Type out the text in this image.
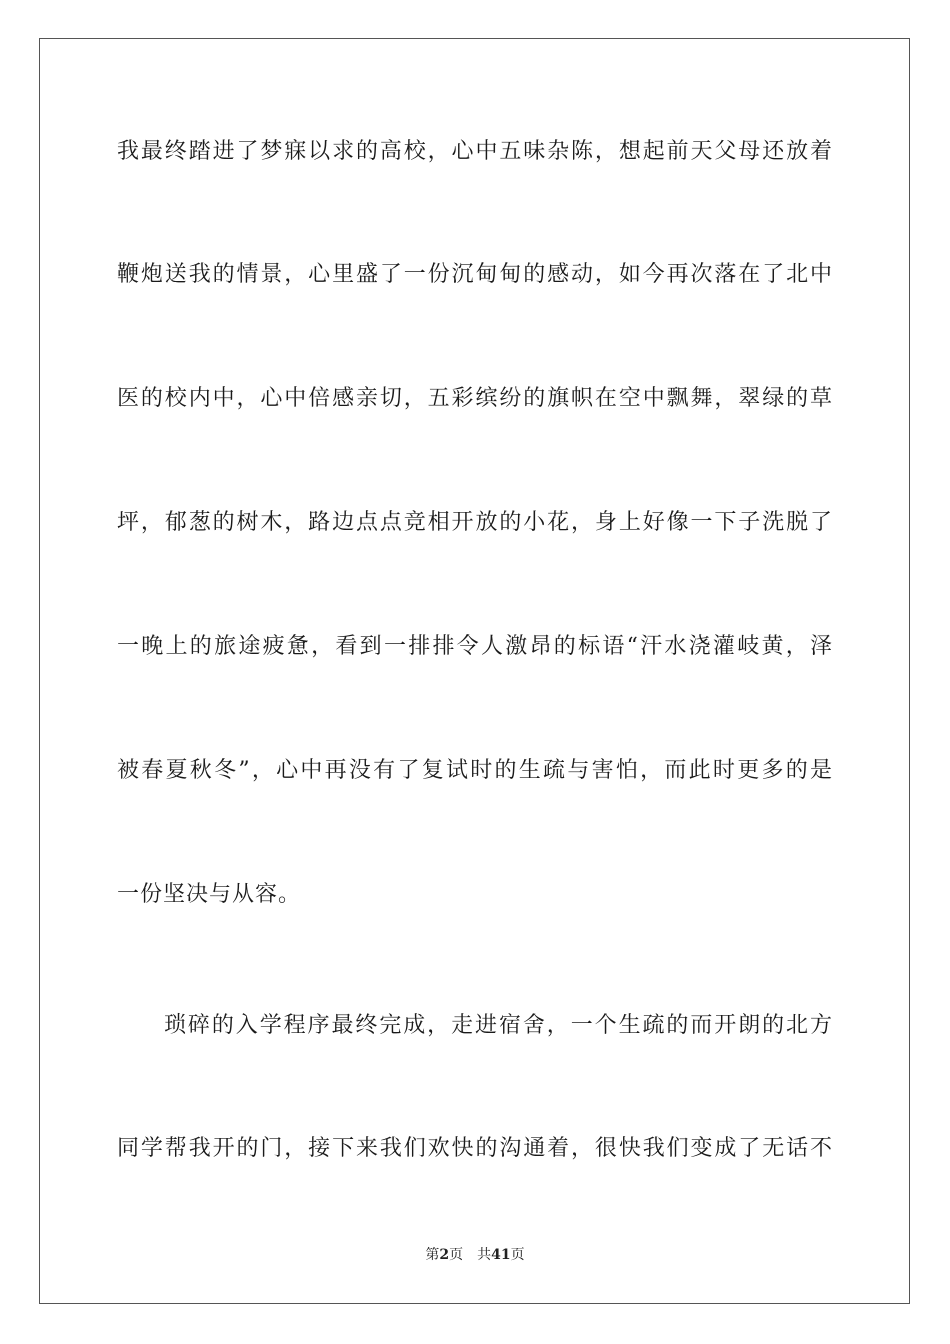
我最终踏进了梦寐以求的高校，心中五味杂陈，想起前天父母还放着
鞭炮送我的情景，心里盛了一份沉甸甸的感动，如今再次落在了北中
医的校内中，心中倍感亲切，五彩缤纷的旗帜在空中飘舞，翠绿的草
坪，郁葱的树木，路边点点竞相开放的小花，身上好像一下子洗脱了
一晚上的旅途疲惫，看到一排排令人激昂的标语“汗水浇灌岐黄，泽
被春夏秋冬”，心中再没有了复试时的生疏与害怕，而此时更多的是
一份坚决与从容。
琐碎的入学程序最终完成，走进宿舍，一个生疏的而开朗的北方
同学帮我开的门，接下来我们欢快的沟通着，很快我们变成了无话不
第2页　共41页
